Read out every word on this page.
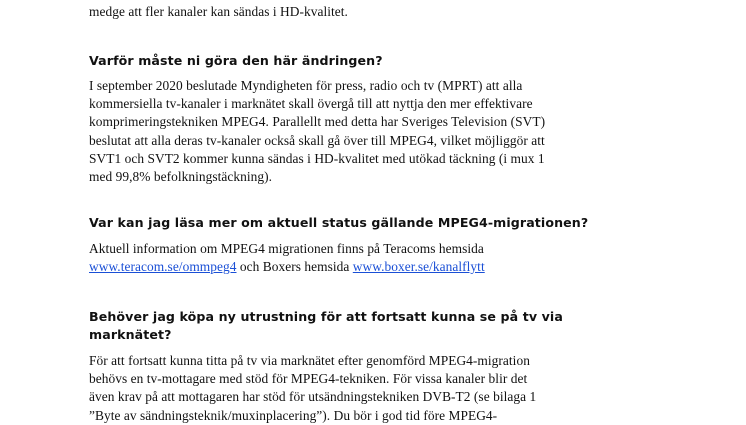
medge att fler kanaler kan sändas i HD-kvalitet.

Varför måste ni göra den här ändringen?

I september 2020 beslutade Myndigheten för press, radio och tv (MPRT) att alla

kommersiella tv-kanaler i marknätet skall övergå till att nyttja den mer effektivare

komprimeringstekniken MPEG4. Parallellt med detta har Sveriges Television (SVT)

beslutat att alla deras tv-kanaler också skall gå över till MPEG4, vilket möjliggör att

SVT1 och SVT2 kommer kunna sändas i HD-kvalitet med utökad täckning (i mux 1

med 99,8% befolkningstäckning).

Var kan jag läsa mer om aktuell status gällande MPEG4-migrationen?

Aktuell information om MPEG4 migrationen finns på Teracoms hemsida

www.teracom.se/ommpeg4 och Boxers hemsida www.boxer.se/kanalflytt

Behöver jag köpa ny utrustning för att fortsatt kunna se på tv via

marknätet?

För att fortsatt kunna titta på tv via marknätet efter genomförd MPEG4-migration

behövs en tv-mottagare med stöd för MPEG4-tekniken. För vissa kanaler blir det

även krav på att mottagaren har stöd för utsändningstekniken DVB-T2 (se bilaga 1

”Byte av sändningsteknik/muxinplacering”). Du bör i god tid före MPEG4-
